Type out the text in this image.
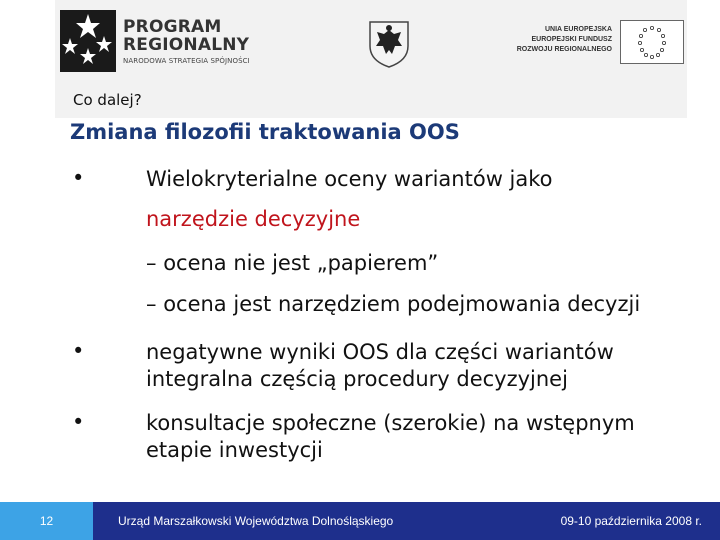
PROGRAM
REGIONALNY
NARODOWA STRATEGIA SPÓJNOŚCI
UNIA EUROPEJSKA
EUROPEJSKI FUNDUSZ
ROZWOJU REGIONALNEGO
Co dalej?
Zmiana filozofii traktowania OOS
•	Wielokryterialne oceny wariantów jako
narzędzie decyzyjne
– ocena nie jest „papierem”
– ocena jest narzędziem podejmowania decyzji
•	negatywne wyniki OOS dla części wariantów
integralna częścią procedury decyzyjnej
•	konsultacje społeczne (szerokie) na wstępnym
etapie inwestycji
12	Urząd Marszałkowski Województwa Dolnośląskiego	09-10 października 2008 r.
